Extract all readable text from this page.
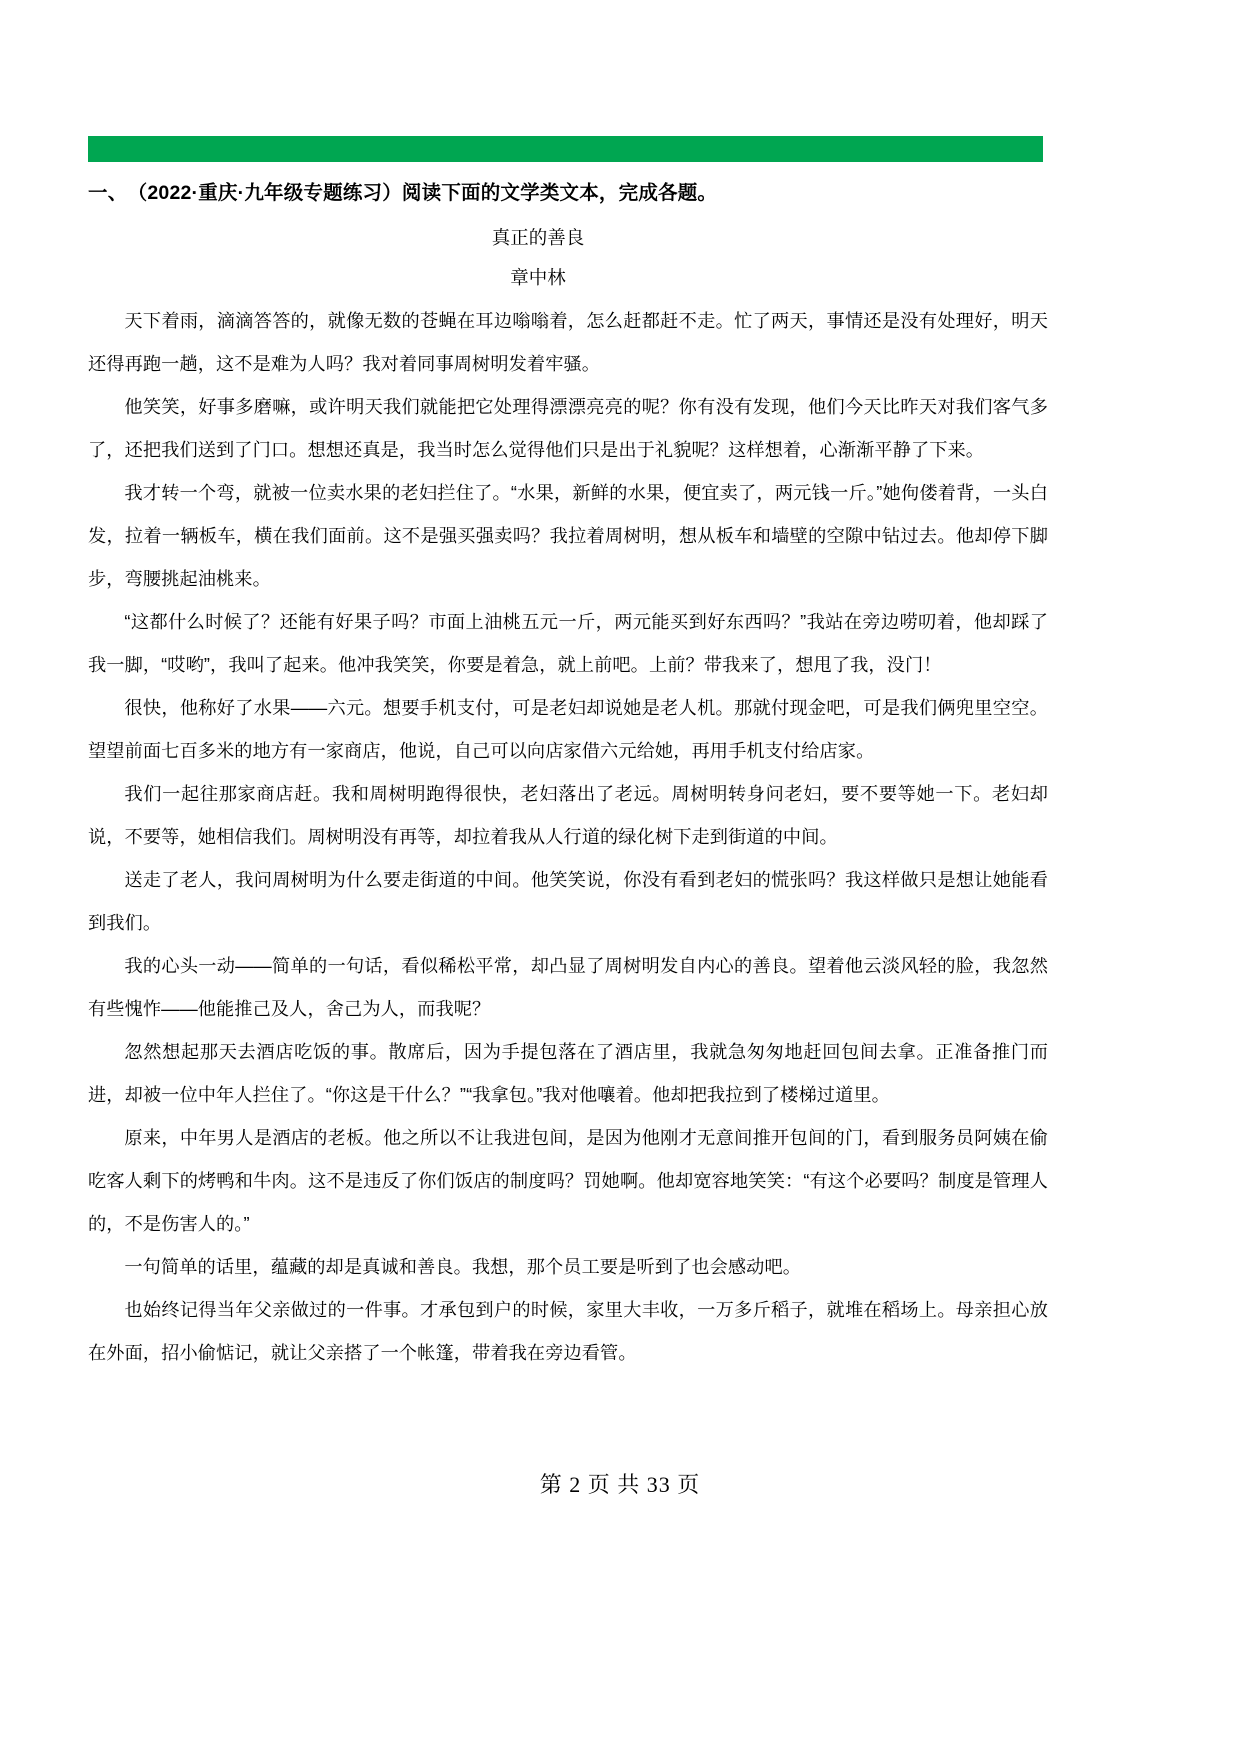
一、 （2022·重庆·九年级专题练习）阅读下面的文学类文本，完成各题。
真正的善良
章中林

天下着雨，滴滴答答的，就像无数的苍蝇在耳边嗡嗡着，怎么赶都赶不走。忙了两天，事情还是没有处理好，明天还得再跑一趟，这不是难为人吗？我对着同事周树明发着牢骚。

他笑笑，好事多磨嘛，或许明天我们就能把它处理得漂漂亮亮的呢？你有没有发现，他们今天比昨天对我们客气多了，还把我们送到了门口。想想还真是，我当时怎么觉得他们只是出于礼貌呢？这样想着，心渐渐平静了下来。

我才转一个弯，就被一位卖水果的老妇拦住了。“水果，新鲜的水果，便宜卖了，两元钱一斤。”她佝偻着背，一头白发，拉着一辆板车，横在我们面前。这不是强买强卖吗？我拉着周树明，想从板车和墙壁的空隙中钻过去。他却停下脚步，弯腰挑起油桃来。

“这都什么时候了？还能有好果子吗？市面上油桃五元一斤，两元能买到好东西吗？”我站在旁边唠叨着，他却踩了我一脚，“哎哟”，我叫了起来。他冲我笑笑，你要是着急，就上前吧。上前？带我来了，想甩了我，没门！

很快，他称好了水果——六元。想要手机支付，可是老妇却说她是老人机。那就付现金吧，可是我们俩兜里空空。望望前面七百多米的地方有一家商店，他说，自己可以向店家借六元给她，再用手机支付给店家。

我们一起往那家商店赶。我和周树明跑得很快，老妇落出了老远。周树明转身问老妇，要不要等她一下。老妇却说，不要等，她相信我们。周树明没有再等，却拉着我从人行道的绿化树下走到街道的中间。

送走了老人，我问周树明为什么要走街道的中间。他笑笑说，你没有看到老妇的慌张吗？我这样做只是想让她能看到我们。

我的心头一动——简单的一句话，看似稀松平常，却凸显了周树明发自内心的善良。望着他云淡风轻的脸，我忽然有些愧怍——他能推己及人，舍己为人，而我呢？

忽然想起那天去酒店吃饭的事。散席后，因为手提包落在了酒店里，我就急匆匆地赶回包间去拿。正准备推门而进，却被一位中年人拦住了。“你这是干什么？”“我拿包。”我对他嚷着。他却把我拉到了楼梯过道里。

原来，中年男人是酒店的老板。他之所以不让我进包间，是因为他刚才无意间推开包间的门，看到服务员阿姨在偷吃客人剩下的烤鸭和牛肉。这不是违反了你们饭店的制度吗？罚她啊。他却宽容地笑笑：“有这个必要吗？制度是管理人的，不是伤害人的。”

一句简单的话里，蕴藏的却是真诚和善良。我想，那个员工要是听到了也会感动吧。

也始终记得当年父亲做过的一件事。才承包到户的时候，家里大丰收，一万多斤稻子，就堆在稻场上。母亲担心放在外面，招小偷惦记，就让父亲搭了一个帐篷，带着我在旁边看管。

第 2 页 共 33 页
